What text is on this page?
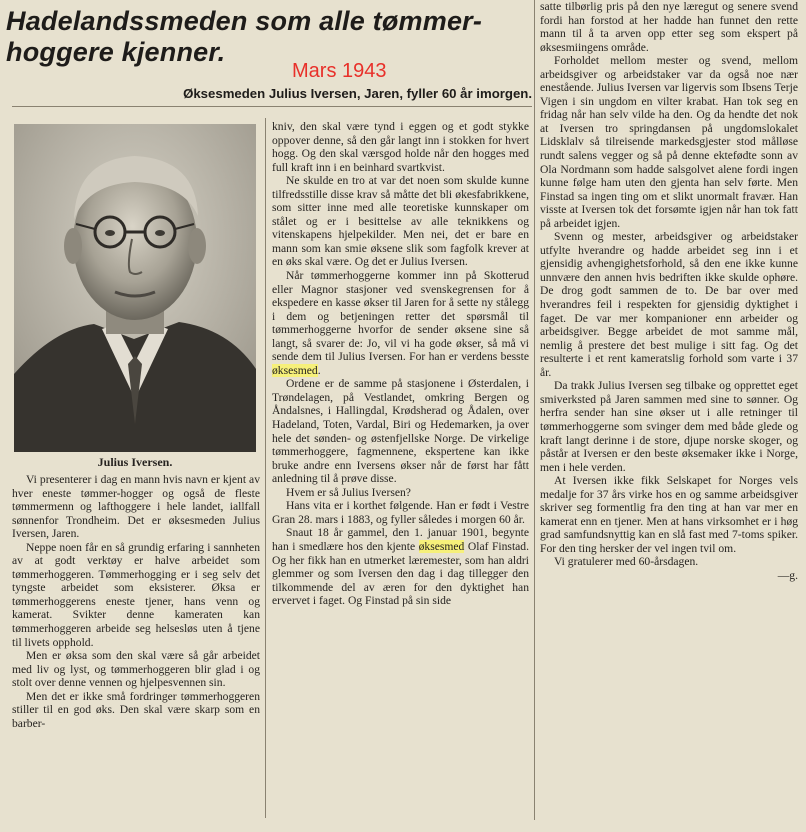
Hadelandssmeden som alle tømmer-
hoggere kjenner.
Mars 1943
Øksesmeden Julius Iversen, Jaren, fyller 60 år imorgen.
Julius Iversen.

Vi presenterer i dag en mann hvis navn er kjent av hver eneste tømmer-hogger og også de fleste tømmermenn og lafthoggere i hele landet, iallfall sønnenfor Trondheim. Det er øksesmeden Julius Iversen, Jaren.

Neppe noen får en så grundig erfaring i sannheten av at godt verktøy er halve arbeidet som tømmerhoggeren. Tømmerhogging er i seg selv det tyngste arbeidet som eksisterer. Øksa er tømmerhoggerens eneste tjener, hans venn og kamerat. Svikter denne kameraten kan tømmerhoggeren arbeide seg helsesløs uten å tjene til livets opphold.

Men er øksa som den skal være så går arbeidet med liv og lyst, og tømmerhoggeren blir glad i og stolt over denne vennen og hjelpesvennen sin.

Men det er ikke små fordringer tømmerhoggeren stiller til en god øks. Den skal være skarp som en barber-

kniv, den skal være tynd i eggen og et godt stykke oppover denne, så den går langt inn i stokken for hvert hogg. Og den skal værsgod holde når den hogges med full kraft inn i en beinhard svartkvist.

Ne skulde en tro at var det noen som skulde kunne tilfredsstille disse krav så måtte det bli økesfabrikkene, som sitter inne med alle teoretiske kunnskaper om stålet og er i besittelse av alle teknikkens og vitenskapens hjelpekilder. Men nei, det er bare en mann som kan smie øksene slik som fagfolk krever at en øks skal være. Og det er Julius Iversen.

Når tømmerhoggerne kommer inn på Skotterud eller Magnor stasjoner ved svenskegrensen for å ekspedere en kasse økser til Jaren for å sette ny stålegg i dem og betjeningen retter det spørsmål til tømmerhoggerne hvorfor de sender øksene sine så langt, så svarer de: Jo, vil vi ha gode økser, så må vi sende dem til Julius Iversen. For han er verdens besste øksesmed.

Ordene er de samme på stasjonene i Østerdalen, i Trøndelagen, på Vestlandet, omkring Bergen og Åndalsnes, i Hallingdal, Krødsherad og Ådalen, over Hadeland, Toten, Vardal, Biri og Hedemarken, ja over hele det sønden- og østenfjellske Norge. De virkelige tømmerhoggere, fagmennene, ekspertene kan ikke bruke andre enn Iversens økser når de først har fått anledning til å prøve disse.

Hvem er så Julius Iversen?

Hans vita er i korthet følgende. Han er født i Vestre Gran 28. mars i 1883, og fyller således i morgen 60 år.

Snaut 18 år gammel, den 1. januar 1901, begynte han i smedlære hos den kjente øksesmed Olaf Finstad. Og her fikk han en utmerket læremester, som han aldri glemmer og som Iversen den dag i dag tillegger den tilkommende del av æren for den dyktighet han ervervet i faget. Og Finstad på sin side

satte tilbørlig pris på den nye læregut og senere svend fordi han forstod at her hadde han funnet den rette mann til å ta arven opp etter seg som ekspert på øksesmiingens område.

Forholdet mellom mester og svend, mellom arbeidsgiver og arbeidstaker var da også noe nær enestående. Julius Iversen var ligervis som Ibsens Terje Vigen i sin ungdom en vilter krabat. Han tok seg en fridag når han selv vilde ha den. Og da hendte det nok at Iversen tro springdansen på ungdomslokalet Lidsklalv så tilreisende markedsgjester stod målløse rundt salens vegger og så på denne ektefødte sonn av Ola Nordmann som hadde salsgolvet alene fordi ingen kunne følge ham uten den gjenta han selv førte. Men Finstad sa ingen ting om et slikt unormalt fravær. Han visste at Iversen tok det forsømte igjen når han tok fatt på arbeidet igjen.

Svenn og mester, arbeidsgiver og arbeidstaker utfylte hverandre og hadde arbeidet seg inn i et gjensidig avhengighetsforhold, så den ene ikke kunne unnvære den annen hvis bedriften ikke skulde ophøre. De drog godt sammen de to. De bar over med hverandres feil i respekten for gjensidig dyktighet i faget. De var mer kompanioner enn arbeider og arbeidsgiver. Begge arbeidet de mot samme mål, nemlig å prestere det best mulige i sitt fag. Og det resulterte i et rent kameratslig forhold som varte i 37 år.

Da trakk Julius Iversen seg tilbake og opprettet eget smiverksted på Jaren sammen med sine to sønner. Og herfra sender han sine økser ut i alle retninger til tømmerhoggerne som svinger dem med både glede og kraft langt derinne i de store, djupe norske skoger, og påstår at Iversen er den beste øksemaker ikke i Norge, men i hele verden.

At Iversen ikke fikk Selskapet for Norges vels medalje for 37 års virke hos en og samme arbeidsgiver skriver seg formentlig fra den ting at han var mer en kamerat enn en tjener. Men at hans virksomhet er i høg grad samfundsnyttig kan en slå fast med 7-toms spiker. For den ting hersker der vel ingen tvil om.

Vi gratulerer med 60-årsdagen.

—g.
